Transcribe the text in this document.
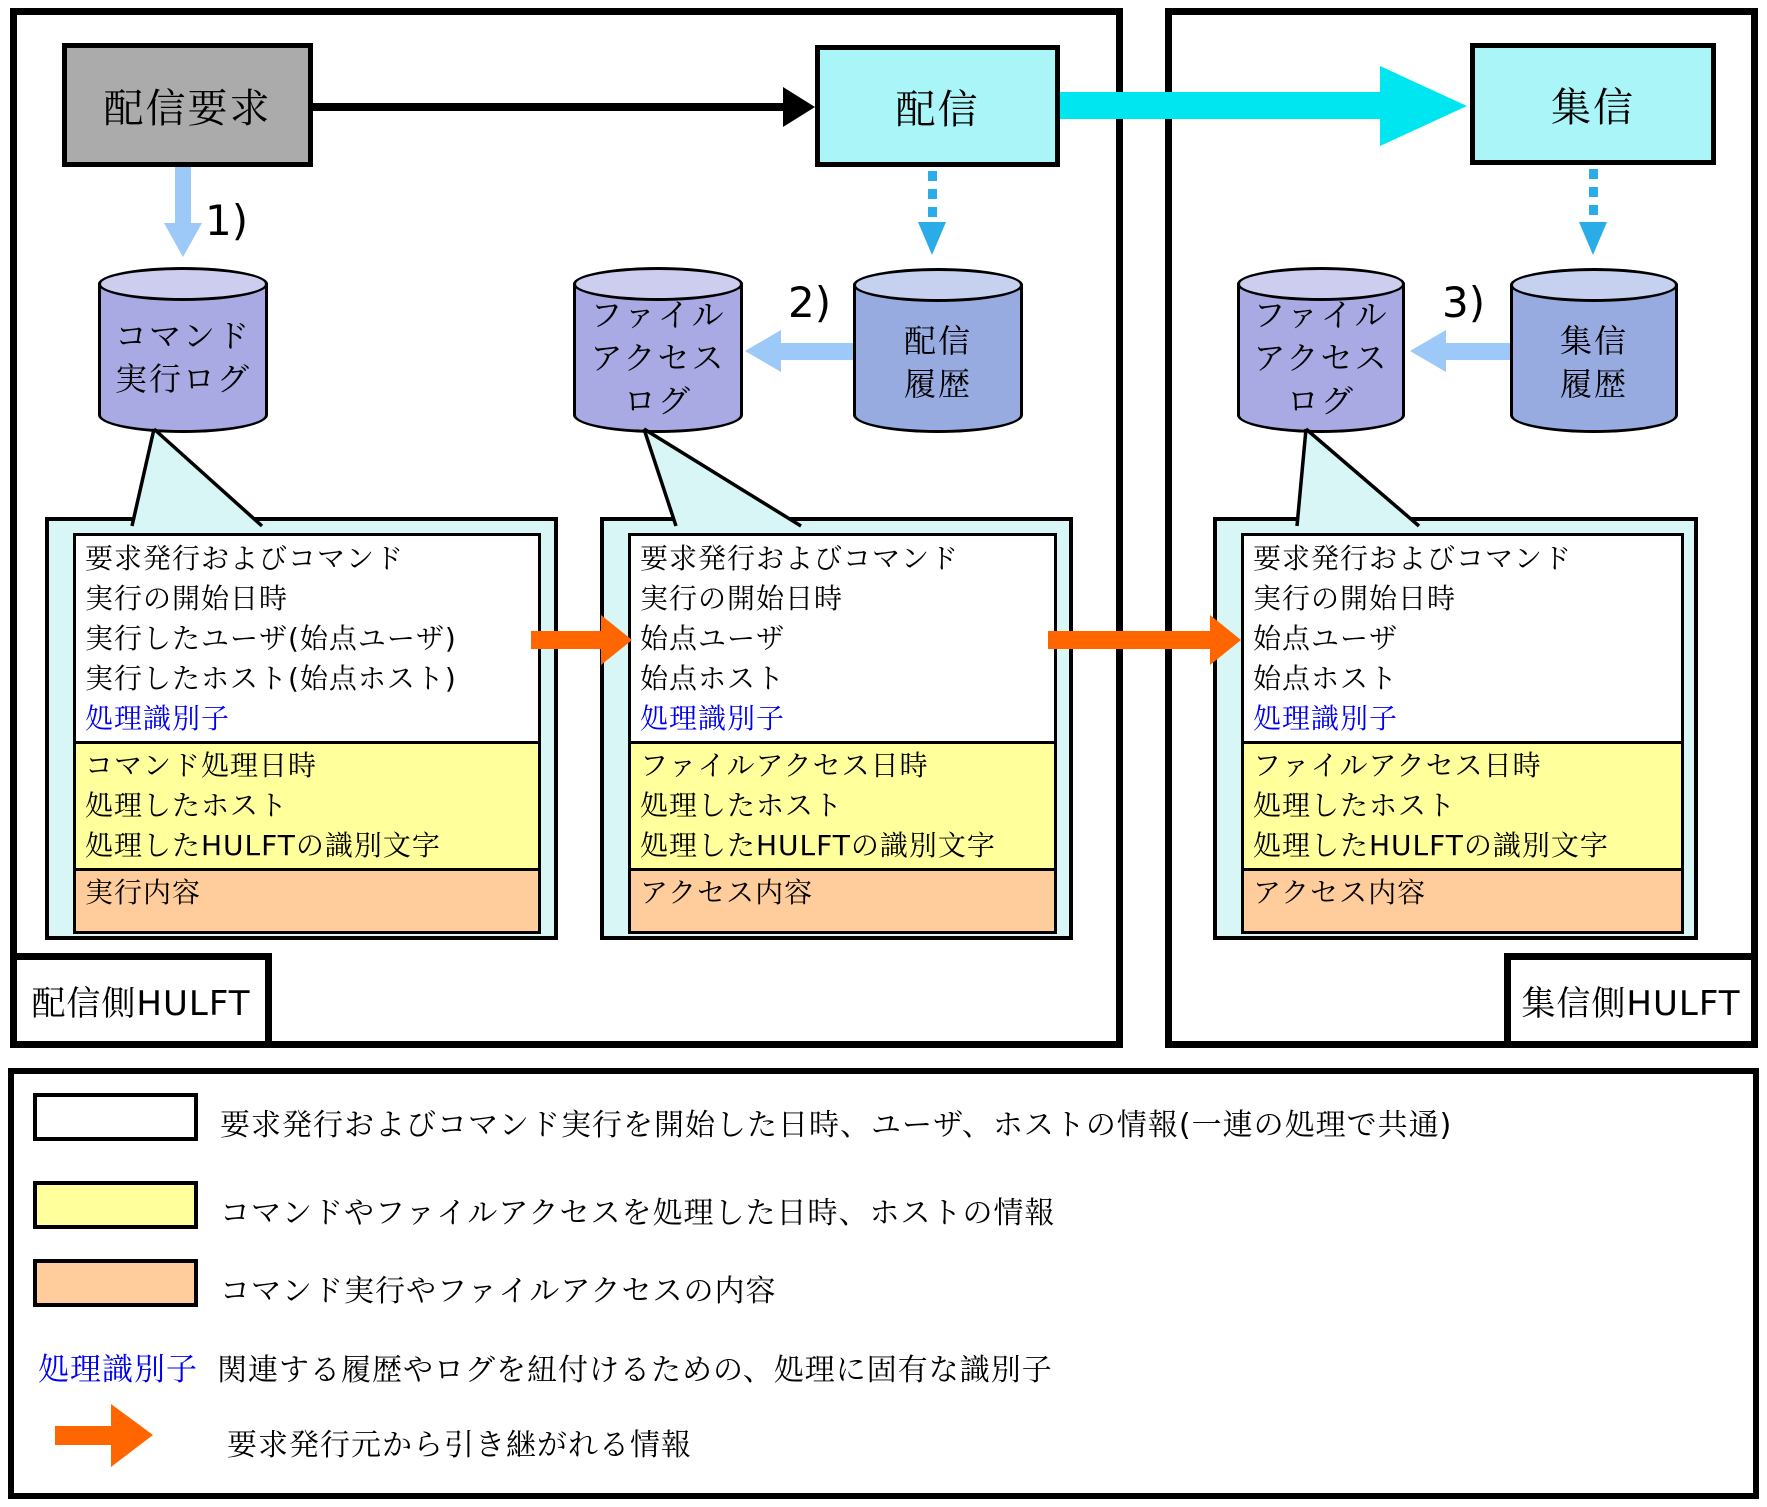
配信要求	配信	集信
1)
コマンド
実行ログ
ファイル
アクセス
ログ
配信
履歴
ファイル
アクセス
ログ
集信
履歴
2)	3)
要求発行およびコマンド
実行の開始日時
実行したユーザ(始点ユーザ)
実行したホスト(始点ホスト)
処理識別子
コマンド処理日時
処理したホスト
処理したHULFTの識別文字
実行内容
要求発行およびコマンド
実行の開始日時
始点ユーザ
始点ホスト
処理識別子
ファイルアクセス日時
処理したホスト
処理したHULFTの識別文字
アクセス内容
要求発行およびコマンド
実行の開始日時
始点ユーザ
始点ホスト
処理識別子
ファイルアクセス日時
処理したホスト
処理したHULFTの識別文字
アクセス内容
配信側HULFT	集信側HULFT
要求発行およびコマンド実行を開始した日時、ユーザ、ホストの情報(一連の処理で共通)
コマンドやファイルアクセスを処理した日時、ホストの情報
コマンド実行やファイルアクセスの内容
処理識別子 関連する履歴やログを紐付けるための、処理に固有な識別子
要求発行元から引き継がれる情報
